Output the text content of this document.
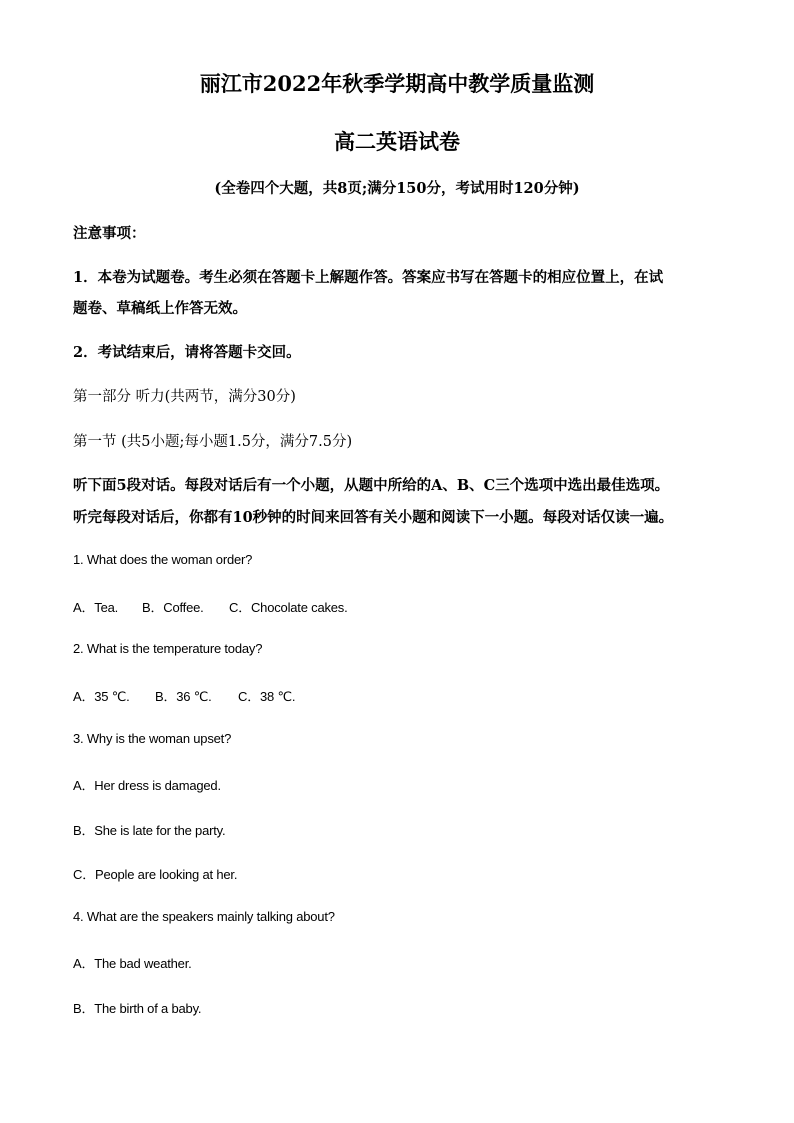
丽江市2022年秋季学期高中教学质量监测
高二英语试卷
(全卷四个大题，共8页;满分150分，考试用时120分钟)
注意事项：
1．本卷为试题卷。考生必须在答题卡上解题作答。答案应书写在答题卡的相应位置上，在试
题卷、草稿纸上作答无效。
2．考试结束后，请将答题卡交回。
第一部分 听力(共两节，满分30分)
第一节 (共5小题;每小题1.5分，满分7.5分)
听下面5段对话。每段对话后有一个小题，从题中所给的A、B、C三个选项中选出最佳选项。
听完每段对话后，你都有10秒钟的时间来回答有关小题和阅读下一小题。每段对话仅读一遍。
1. What does the woman order?
A．Tea. B．Coffee. C．Chocolate cakes.
2. What is the temperature today?
A．35 ℃. B．36 ℃. C．38 ℃.
3. Why is the woman upset?
A．Her dress is damaged.
B．She is late for the party.
C．People are looking at her.
4. What are the speakers mainly talking about?
A．The bad weather.
B．The birth of a baby.
